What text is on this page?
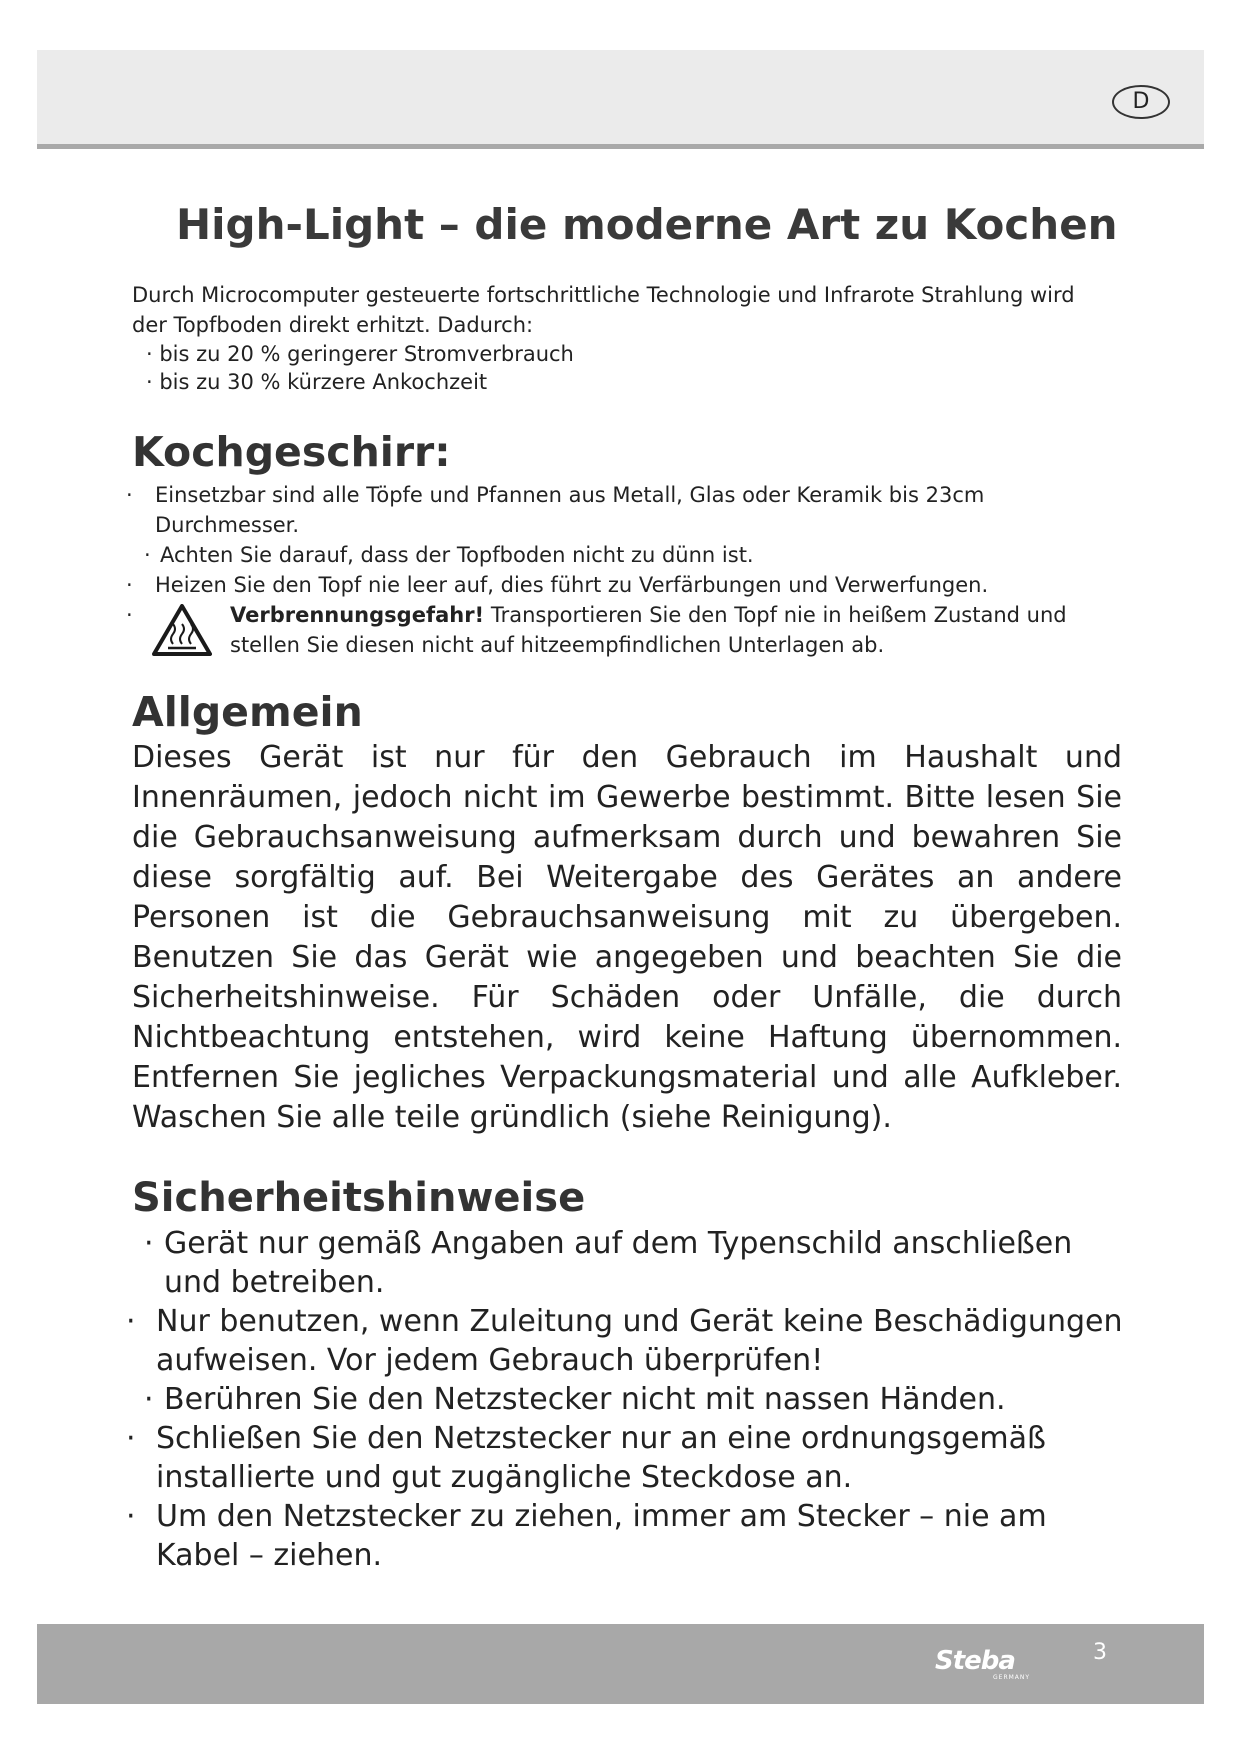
D
High-Light – die moderne Art zu Kochen

Durch Microcomputer gesteuerte fortschrittliche Technologie und Infrarote Strahlung wird der Topfboden direkt erhitzt. Dadurch:

· bis zu 20 % geringerer Stromverbrauch
· bis zu 30 % kürzere Ankochzeit
Kochgeschirr:
· Einsetzbar sind alle Töpfe und Pfannen aus Metall, Glas oder Keramik bis 23cm Durchmesser.
· Achten Sie darauf, dass der Topfboden nicht zu dünn ist.
· Heizen Sie den Topf nie leer auf, dies führt zu Verfärbungen und Verwerfungen.
·	Verbrennungsgefahr! Transportieren Sie den Topf nie in heißem Zustand und stellen Sie diesen nicht auf hitzeempfindlichen Unterlagen ab.
Allgemein

Dieses Gerät ist nur für den Gebrauch im Haushalt und Innenräumen, jedoch nicht im Gewerbe bestimmt. Bitte lesen Sie die Gebrauchsanweisung aufmerksam durch und bewahren Sie diese sorgfältig auf. Bei Weitergabe des Gerätes an andere Personen ist die Gebrauchsanweisung mit zu übergeben. Benutzen Sie das Gerät wie angegeben und beachten Sie die Sicherheitshinweise. Für Schäden oder Unfälle, die durch Nichtbeachtung entstehen, wird keine Haftung übernommen. Entfernen Sie jegliches Verpackungsmaterial und alle Aufkleber. Waschen Sie alle teile gründlich (siehe Reinigung).

Sicherheitshinweise
· Gerät nur gemäß Angaben auf dem Typenschild anschließen und betreiben.
· Nur benutzen, wenn Zuleitung und Gerät keine Beschädigungen aufweisen. Vor jedem Gebrauch überprüfen!
· Berühren Sie den Netzstecker nicht mit nassen Händen.
· Schließen Sie den Netzstecker nur an eine ordnungsgemäß installierte und gut zugängliche Steckdose an.
· Um den Netzstecker zu ziehen, immer am Stecker – nie am Kabel – ziehen.
Steba
GERMANY
3
